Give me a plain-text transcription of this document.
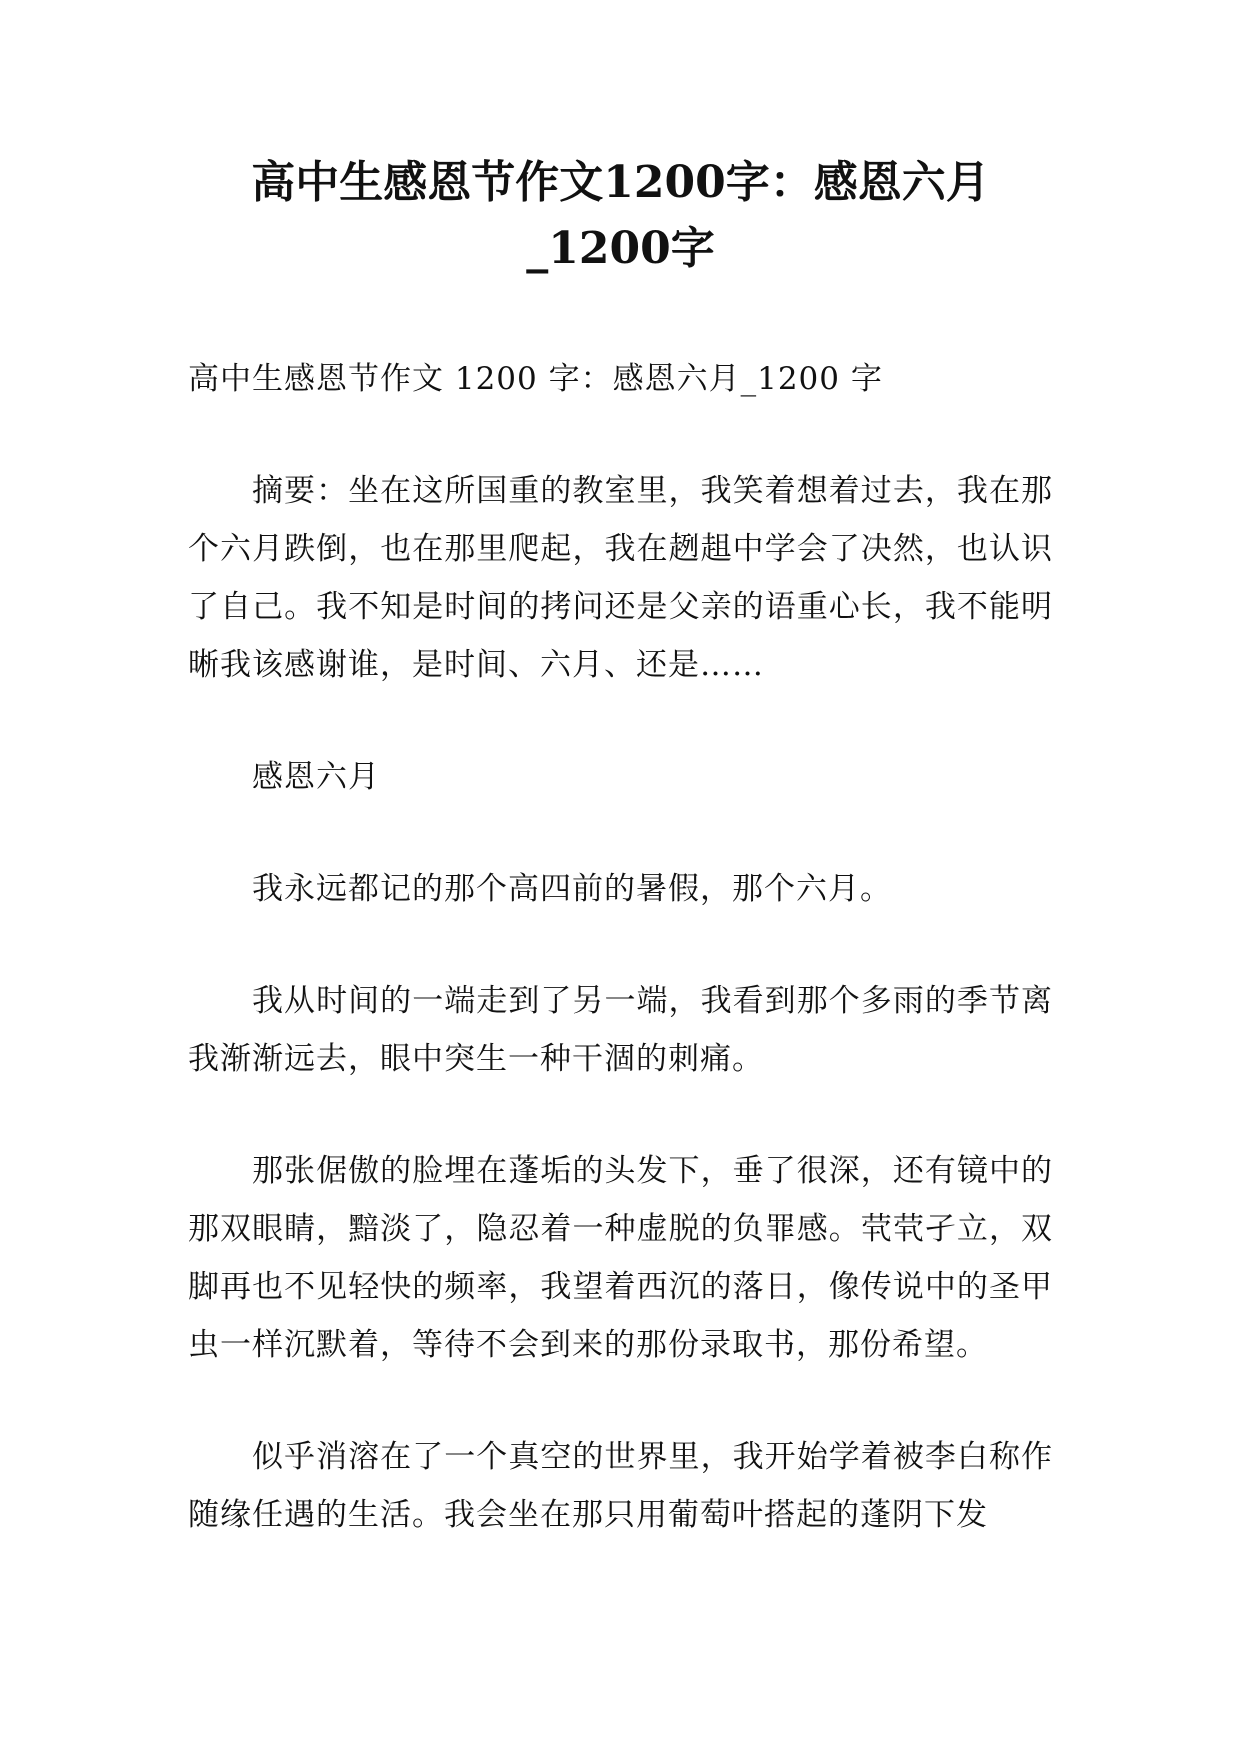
高中生感恩节作文1200字：感恩六月_1200字

高中生感恩节作文 1200 字：感恩六月_1200 字

摘要：坐在这所国重的教室里，我笑着想着过去，我在那个六月跌倒，也在那里爬起，我在趔趄中学会了决然，也认识了自己。我不知是时间的拷问还是父亲的语重心长，我不能明晰我该感谢谁，是时间、六月、还是……

感恩六月

我永远都记的那个高四前的暑假，那个六月。

我从时间的一端走到了另一端，我看到那个多雨的季节离我渐渐远去，眼中突生一种干涸的刺痛。

那张倨傲的脸埋在蓬垢的头发下，垂了很深，还有镜中的那双眼睛，黯淡了，隐忍着一种虚脱的负罪感。茕茕孑立，双脚再也不见轻快的频率，我望着西沉的落日，像传说中的圣甲虫一样沉默着，等待不会到来的那份录取书，那份希望。

似乎消溶在了一个真空的世界里，我开始学着被李白称作随缘任遇的生活。我会坐在那只用葡萄叶搭起的蓬阴下发
